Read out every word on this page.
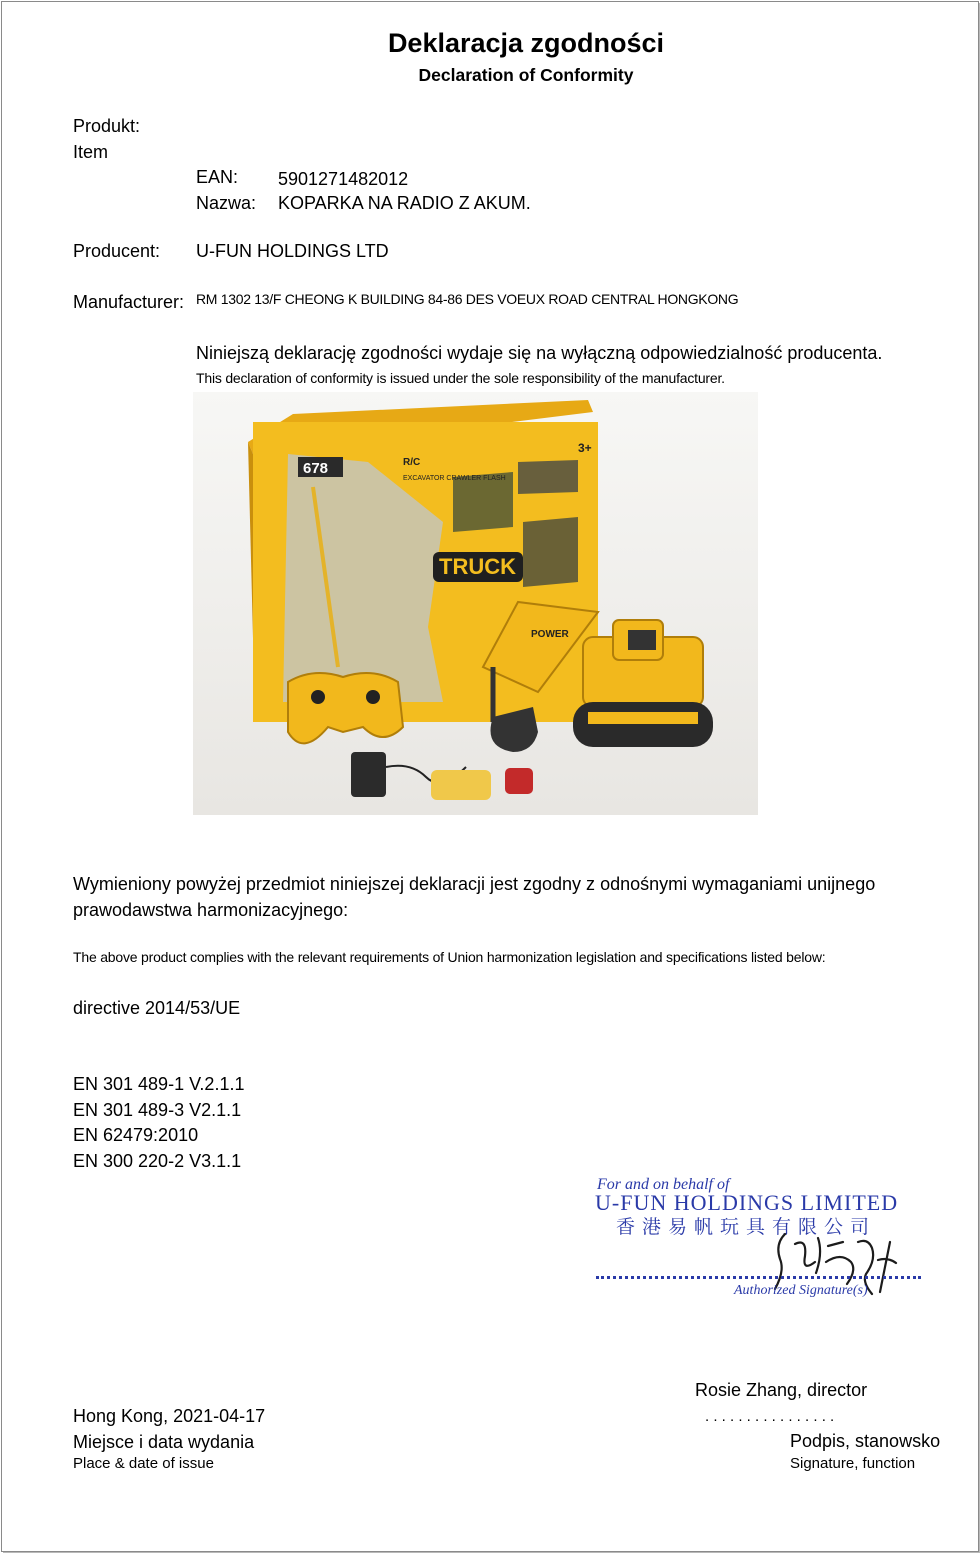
Deklaracja zgodności
Declaration of Conformity
Produkt:
Item
EAN: 5901271482012
Nazwa: KOPARKA NA RADIO Z AKUM.
Producent: U-FUN HOLDINGS LTD
Manufacturer: RM 1302 13/F CHEONG K BUILDING 84-86 DES VOEUX ROAD CENTRAL HONGKONG
Niniejszą deklarację zgodności wydaje się na wyłączną odpowiedzialność producenta.
This declaration of conformity is issued under the sole responsibility of the manufacturer.
678	R/C
EXCAVATOR CRAWLER FLASH
3+
TRUCK
POWER
Wymieniony powyżej przedmiot niniejszej deklaracji jest zgodny z odnośnymi wymaganiami unijnego
prawodawstwa harmonizacyjnego:
The above product complies with the relevant requirements of Union harmonization legislation and specifications listed below:
directive 2014/53/UE
EN 301 489-1 V.2.1.1
EN 301 489-3 V2.1.1
EN 62479:2010
EN 300 220-2 V3.1.1
For and on behalf of
U-FUN HOLDINGS LIMITED
香港易帆玩具有限公司
Authorized Signature(s)
Rosie Zhang, director
. . . . . . . . . . . . . . . .
Hong Kong, 2021-04-17
Miejsce i data wydania	Podpis, stanowsko
Place & date of issue	Signature, function
